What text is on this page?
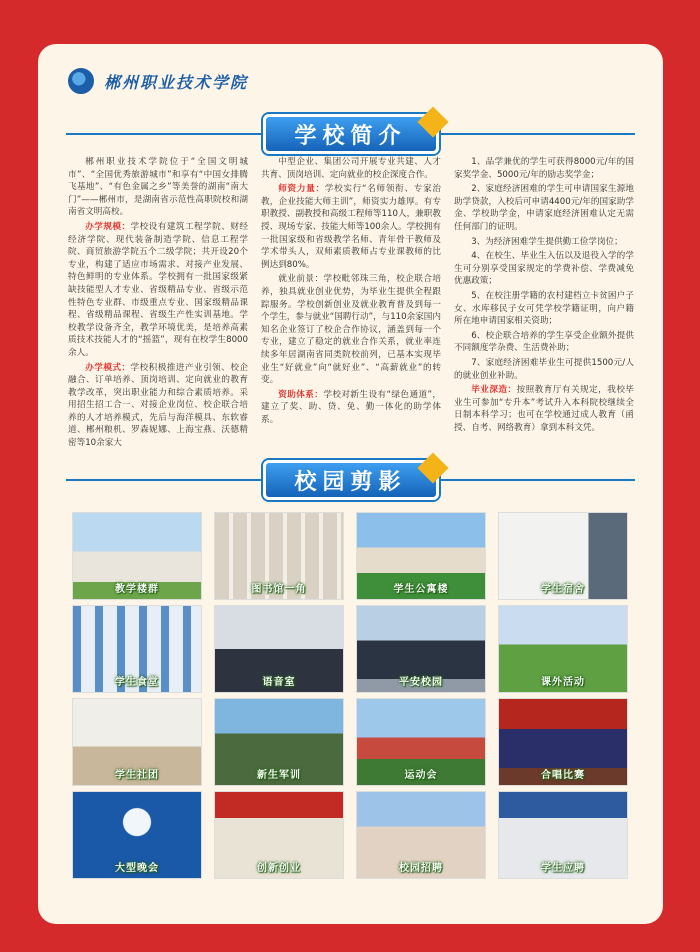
郴州职业技术学院
学校简介

郴州职业技术学院位于“全国文明城市”、“全国优秀旅游城市”和享有“中国女排腾飞基地”、“有色金属之乡”等美誉的湖南“南大门”——郴州市，是湖南省示范性高职院校和湖南省文明高校。

办学规模：学校设有建筑工程学院、财经经济学院、现代装备制造学院、信息工程学院、商贸旅游学院五个二级学院；共开设20个专业，构建了适应市场需求、对接产业发展、特色鲜明的专业体系。学校拥有一批国家级紧缺技能型人才专业、省级精品专业、省级示范性特色专业群、市级重点专业、国家级精品课程、省级精品课程、省级生产性实训基地。学校教学设备齐全，教学环境优美，是培养高素质技术技能人才的“摇篮”，现有在校学生8000余人。

办学模式：学校积极推进产业引领、校企融合、订单培养、顶岗培训、定向就业的教育教学改革，突出职业能力和综合素质培养。采用招生招工合一、对接企业岗位、校企联合培养的人才培养模式，先后与海洋模具、东软睿道、郴州粮机、罗森妮娜、上海宝燕、沃德精密等10余家大

中型企业、集团公司开展专业共建、人才共育、顶岗培训、定向就业的校企深度合作。

师资力量：学校实行“名师领衔、专家治教，企业技能大师主训”，师资实力雄厚。有专职教授、副教授和高级工程师等110人，兼职教授、现场专家、技能大师等100余人。学校拥有一批国家级和省级教学名师、青年骨干教师及学术带头人，双师素质教师占专业课教师的比例达到80%。

就业前景：学校毗邻珠三角，校企联合培养，独具就业创业优势，为毕业生提供全程跟踪服务。学校创新创业及就业教育普及到每一个学生，参与就业“国聘行动”，与110余家国内知名企业签订了校企合作协议，涵盖到每一个专业，建立了稳定的就业合作关系，就业率连续多年居湖南省同类院校前列，已基本实现毕业生“好就业”向“就好业”、“高薪就业”的转变。

资助体系：学校对新生设有“绿色通道”，建立了奖、助、贷、免、勤一体化的助学体系。

1、品学兼优的学生可获得8000元/年的国家奖学金、5000元/年的励志奖学金；

2、家庭经济困难的学生可申请国家生源地助学贷款，入校后可申请4400元/年的国家助学金、学校助学金，申请家庭经济困难认定无需任何部门的证明。

3、为经济困难学生提供勤工俭学岗位；

4、在校生、毕业生入伍以及退役入学的学生可分别享受国家规定的学费补偿、学费减免优惠政策；

5、在校注册学籍的农村建档立卡贫困户子女、水库移民子女可凭学校学籍证明，向户籍所在地申请国家相关资助；

6、校企联合培养的学生享受企业额外提供不同额度学杂费、生活费补助；

7、家庭经济困难毕业生可提供1500元/人的就业创业补助。

毕业深造：按照教育厅有关规定，我校毕业生可参加“专升本”考试升入本科院校继续全日制本科学习；也可在学校通过成人教育（函授、自考、网络教育）拿到本科文凭。

校园剪影
教学楼群	图书馆一角	学生公寓楼	学生宿舍
学生食堂	语音室	平安校园	课外活动
学生社团	新生军训	运动会	合唱比赛
大型晚会	创新创业	校园招聘	学生应聘
